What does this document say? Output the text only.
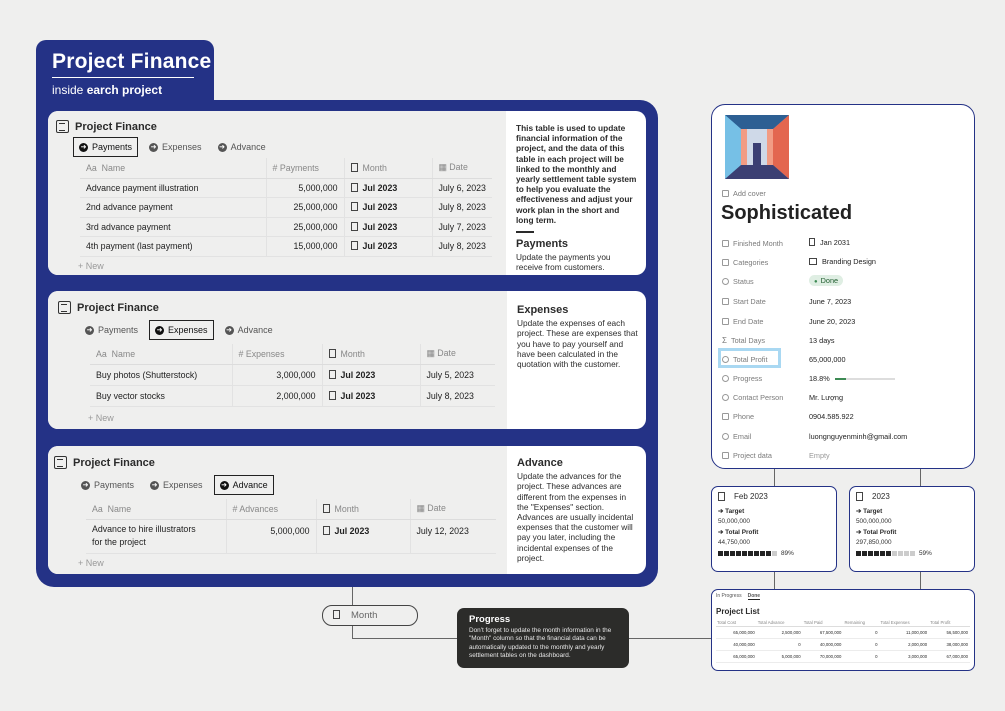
Project Finance
inside earch project
Project Finance
➜ Payments	➜ Expenses	➜ Advance
Aa  Name	# Payments	Month	▦ Date
Advance payment illustration	5,000,000	Jul 2023	July 6, 2023
2nd advance payment	25,000,000	Jul 2023	July 8, 2023
3rd advance payment	25,000,000	Jul 2023	July 7, 2023
4th payment (last payment)	15,000,000	Jul 2023	July 8, 2023
+ New
This table is used to update financial information of the project, and the data of this table in each project will be linked to the monthly and yearly settlement table system to help you evaluate the effectiveness and adjust your work plan in the short and long term.
Payments
Update the payments you receive from customers.
Project Finance
➜ Payments	➜ Expenses	➜ Advance
Aa  Name	# Expenses	Month	▦ Date
Buy photos (Shutterstock)	3,000,000	Jul 2023	July 5, 2023
Buy vector stocks	2,000,000	Jul 2023	July 8, 2023
+ New
Expenses
Update the expenses of each project. These are expenses that you have to pay yourself and have been calculated in the quotation with the customer.
Project Finance
➜ Payments	➜ Expenses	➜ Advance
Aa  Name	# Advances	Month	▦ Date

Advance to hire illustrators
for the project	5,000,000	Jul 2023	July 12, 2023
+ New
Advance
Update the advances for the project. These advances are different from the expenses in the "Expenses" section. Advances are usually incidental expenses that the customer will pay you later, including the incidental expenses of the project.
Month	Progress

Don't forget to update the month information in the "Month" column so that the financial data can be automatically updated to the monthly and yearly settlement tables on the dashboard.

Add cover
Sophisticated
Finished Month	Jan 2031
Categories	Branding Design
Status	● Done
Start Date	June 7, 2023
End Date	June 20, 2023
Σ Total Days	13 days
Total Profit	65,000,000
Progress	18.8%
Contact Person	Mr. Lượng
Phone	0904.585.922
Email	luongnguyenminh@gmail.com
Project data	Empty
Feb 2023
➔ Target
50,000,000
➔ Total Profit
44,750,000
89%
2023
➔ Target
500,000,000
➔ Total Profit
297,850,000
59%
In Progress Done
Project List
Total Cost	Total Advance	Total Paid	Remaining	Total Expenses	Total Profit
65,000,000	2,500,000	67,500,000	0	11,000,000	56,500,000
40,000,000	0	40,000,000	0	2,000,000	38,000,000
65,000,000	5,000,000	70,000,000	0	3,000,000	67,000,000
